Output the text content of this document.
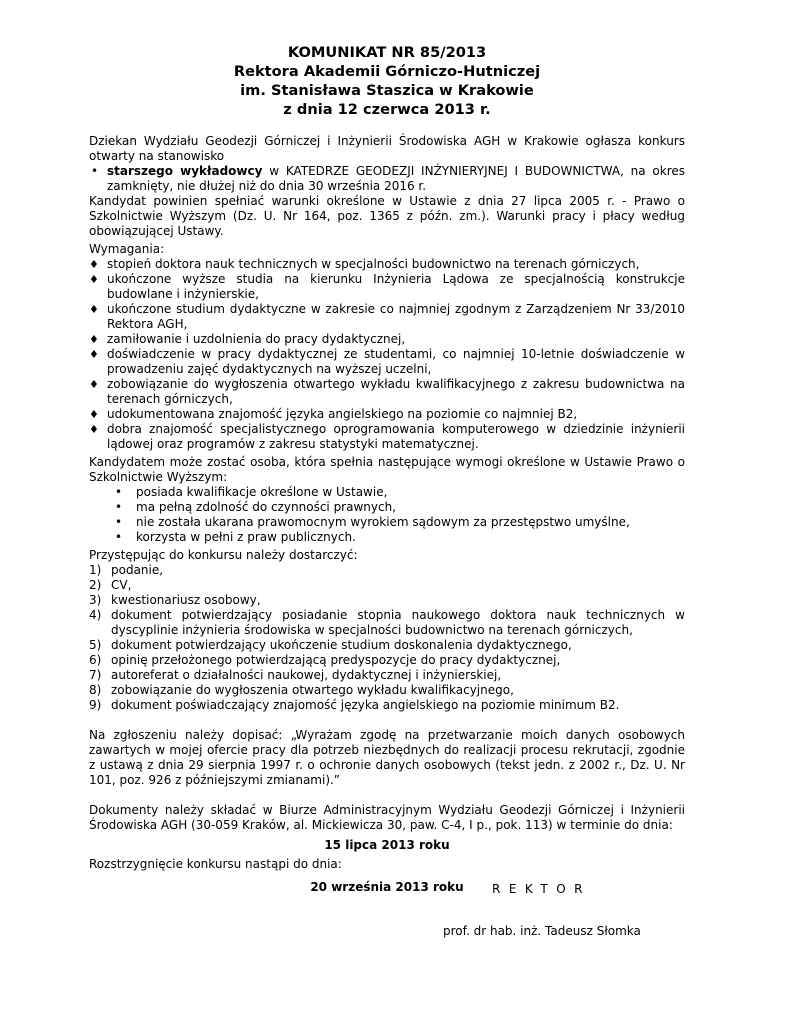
KOMUNIKAT NR 85/2013
Rektora Akademii Górniczo-Hutniczej
im. Stanisława Staszica w Krakowie
z dnia 12 czerwca 2013 r.

Dziekan Wydziału Geodezji Górniczej i Inżynierii Środowiska AGH w Krakowie ogłasza konkurs otwarty na stanowisko

• starszego wykładowcy w KATEDRZE GEODEZJI INŻYNIERYJNEJ I BUDOWNICTWA, na okres zamknięty, nie dłużej niż do dnia 30 września 2016 r.

Kandydat powinien spełniać warunki określone w Ustawie z dnia 27 lipca 2005 r. - Prawo o Szkolnictwie Wyższym (Dz. U. Nr 164, poz. 1365 z późn. zm.). Warunki pracy i płacy według obowiązującej Ustawy.

Wymagania:

♦ stopień doktora nauk technicznych w specjalności budownictwo na terenach górniczych,
♦ ukończone wyższe studia na kierunku Inżynieria Lądowa ze specjalnością konstrukcje budowlane i inżynierskie,
♦ ukończone studium dydaktyczne w zakresie co najmniej zgodnym z Zarządzeniem Nr 33/2010 Rektora AGH,
♦ zamiłowanie i uzdolnienia do pracy dydaktycznej,
♦ doświadczenie w pracy dydaktycznej ze studentami, co najmniej 10-letnie doświadczenie w prowadzeniu zajęć dydaktycznych na wyższej uczelni,
♦ zobowiązanie do wygłoszenia otwartego wykładu kwalifikacyjnego z zakresu budownictwa na terenach górniczych,
♦ udokumentowana znajomość języka angielskiego na poziomie co najmniej B2,
♦ dobra znajomość specjalistycznego oprogramowania komputerowego w dziedzinie inżynierii lądowej oraz programów z zakresu statystyki matematycznej.

Kandydatem może zostać osoba, która spełnia następujące wymogi określone w Ustawie Prawo o Szkolnictwie Wyższym:

• posiada kwalifikacje określone w Ustawie,
• ma pełną zdolność do czynności prawnych,
• nie została ukarana prawomocnym wyrokiem sądowym za przestępstwo umyślne,
• korzysta w pełni z praw publicznych.

Przystępując do konkursu należy dostarczyć:

1) podanie,
2) CV,
3) kwestionariusz osobowy,
4) dokument potwierdzający posiadanie stopnia naukowego doktora nauk technicznych w dyscyplinie inżynieria środowiska w specjalności budownictwo na terenach górniczych,
5) dokument potwierdzający ukończenie studium doskonalenia dydaktycznego,
6) opinię przełożonego potwierdzającą predyspozycje do pracy dydaktycznej,
7) autoreferat o działalności naukowej, dydaktycznej i inżynierskiej,
8) zobowiązanie do wygłoszenia otwartego wykładu kwalifikacyjnego,
9) dokument poświadczający znajomość języka angielskiego na poziomie minimum B2.

Na zgłoszeniu należy dopisać: „Wyrażam zgodę na przetwarzanie moich danych osobowych zawartych w mojej ofercie pracy dla potrzeb niezbędnych do realizacji procesu rekrutacji, zgodnie z ustawą z dnia 29 sierpnia 1997 r. o ochronie danych osobowych (tekst jedn. z 2002 r., Dz. U. Nr 101, poz. 926 z późniejszymi zmianami).”

Dokumenty należy składać w Biurze Administracyjnym Wydziału Geodezji Górniczej i Inżynierii Środowiska AGH (30-059 Kraków, al. Mickiewicza 30, paw. C-4, I p., pok. 113) w terminie do dnia:

15 lipca 2013 roku

Rozstrzygnięcie konkursu nastąpi do dnia:

20 września 2013 roku	REKTOR
prof. dr hab. inż. Tadeusz Słomka
